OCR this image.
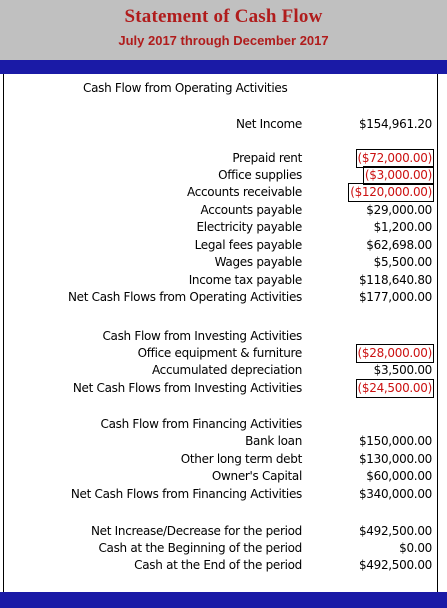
Statement of Cash Flow
July 2017 through December 2017
Cash Flow from Operating Activities
Net Income	$154,961.20
Prepaid rent	($72,000.00)
Office supplies	($3,000.00)
Accounts receivable	($120,000.00)
Accounts payable	$29,000.00
Electricity payable	$1,200.00
Legal fees payable	$62,698.00
Wages payable	$5,500.00
Income tax payable	$118,640.80
Net Cash Flows from Operating Activities	$177,000.00
Cash Flow from Investing Activities
Office equipment & furniture	($28,000.00)
Accumulated depreciation	$3,500.00
Net Cash Flows from Investing Activities	($24,500.00)
Cash Flow from Financing Activities
Bank loan	$150,000.00
Other long term debt	$130,000.00
Owner's Capital	$60,000.00
Net Cash Flows from Financing Activities	$340,000.00
Net Increase/Decrease for the period	$492,500.00
Cash at the Beginning of the period	$0.00
Cash at the End of the period	$492,500.00
